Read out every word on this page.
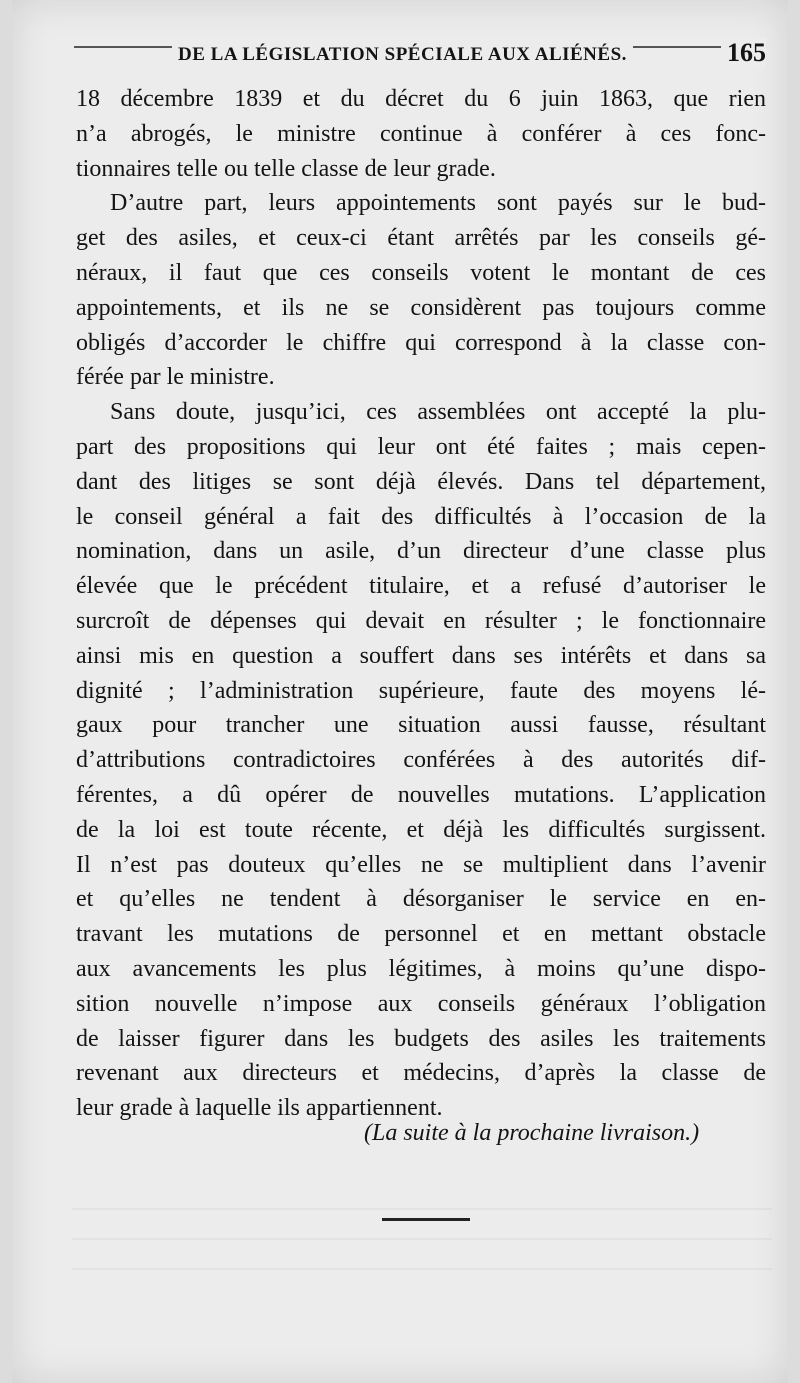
DE LA LÉGISLATION SPÉCIALE AUX ALIÉNÉS.	165
18 décembre 1839 et du décret du 6 juin 1863, que rien
n’a abrogés, le ministre continue à conférer à ces fonc-
tionnaires telle ou telle classe de leur grade.
D’autre part, leurs appointements sont payés sur le bud-
get des asiles, et ceux-ci étant arrêtés par les conseils gé-
néraux, il faut que ces conseils votent le montant de ces
appointements, et ils ne se considèrent pas toujours comme
obligés d’accorder le chiffre qui correspond à la classe con-
férée par le ministre.
Sans doute, jusqu’ici, ces assemblées ont accepté la plu-
part des propositions qui leur ont été faites ; mais cepen-
dant des litiges se sont déjà élevés. Dans tel département,
le conseil général a fait des difficultés à l’occasion de la
nomination, dans un asile, d’un directeur d’une classe plus
élevée que le précédent titulaire, et a refusé d’autoriser le
surcroît de dépenses qui devait en résulter ; le fonctionnaire
ainsi mis en question a souffert dans ses intérêts et dans sa
dignité ; l’administration supérieure, faute des moyens lé-
gaux pour trancher une situation aussi fausse, résultant
d’attributions contradictoires conférées à des autorités dif-
férentes, a dû opérer de nouvelles mutations. L’application
de la loi est toute récente, et déjà les difficultés surgissent.
Il n’est pas douteux qu’elles ne se multiplient dans l’avenir
et qu’elles ne tendent à désorganiser le service en en-
travant les mutations de personnel et en mettant obstacle
aux avancements les plus légitimes, à moins qu’une dispo-
sition nouvelle n’impose aux conseils généraux l’obligation
de laisser figurer dans les budgets des asiles les traitements
revenant aux directeurs et médecins, d’après la classe de
leur grade à laquelle ils appartiennent.
(La suite à la prochaine livraison.)
